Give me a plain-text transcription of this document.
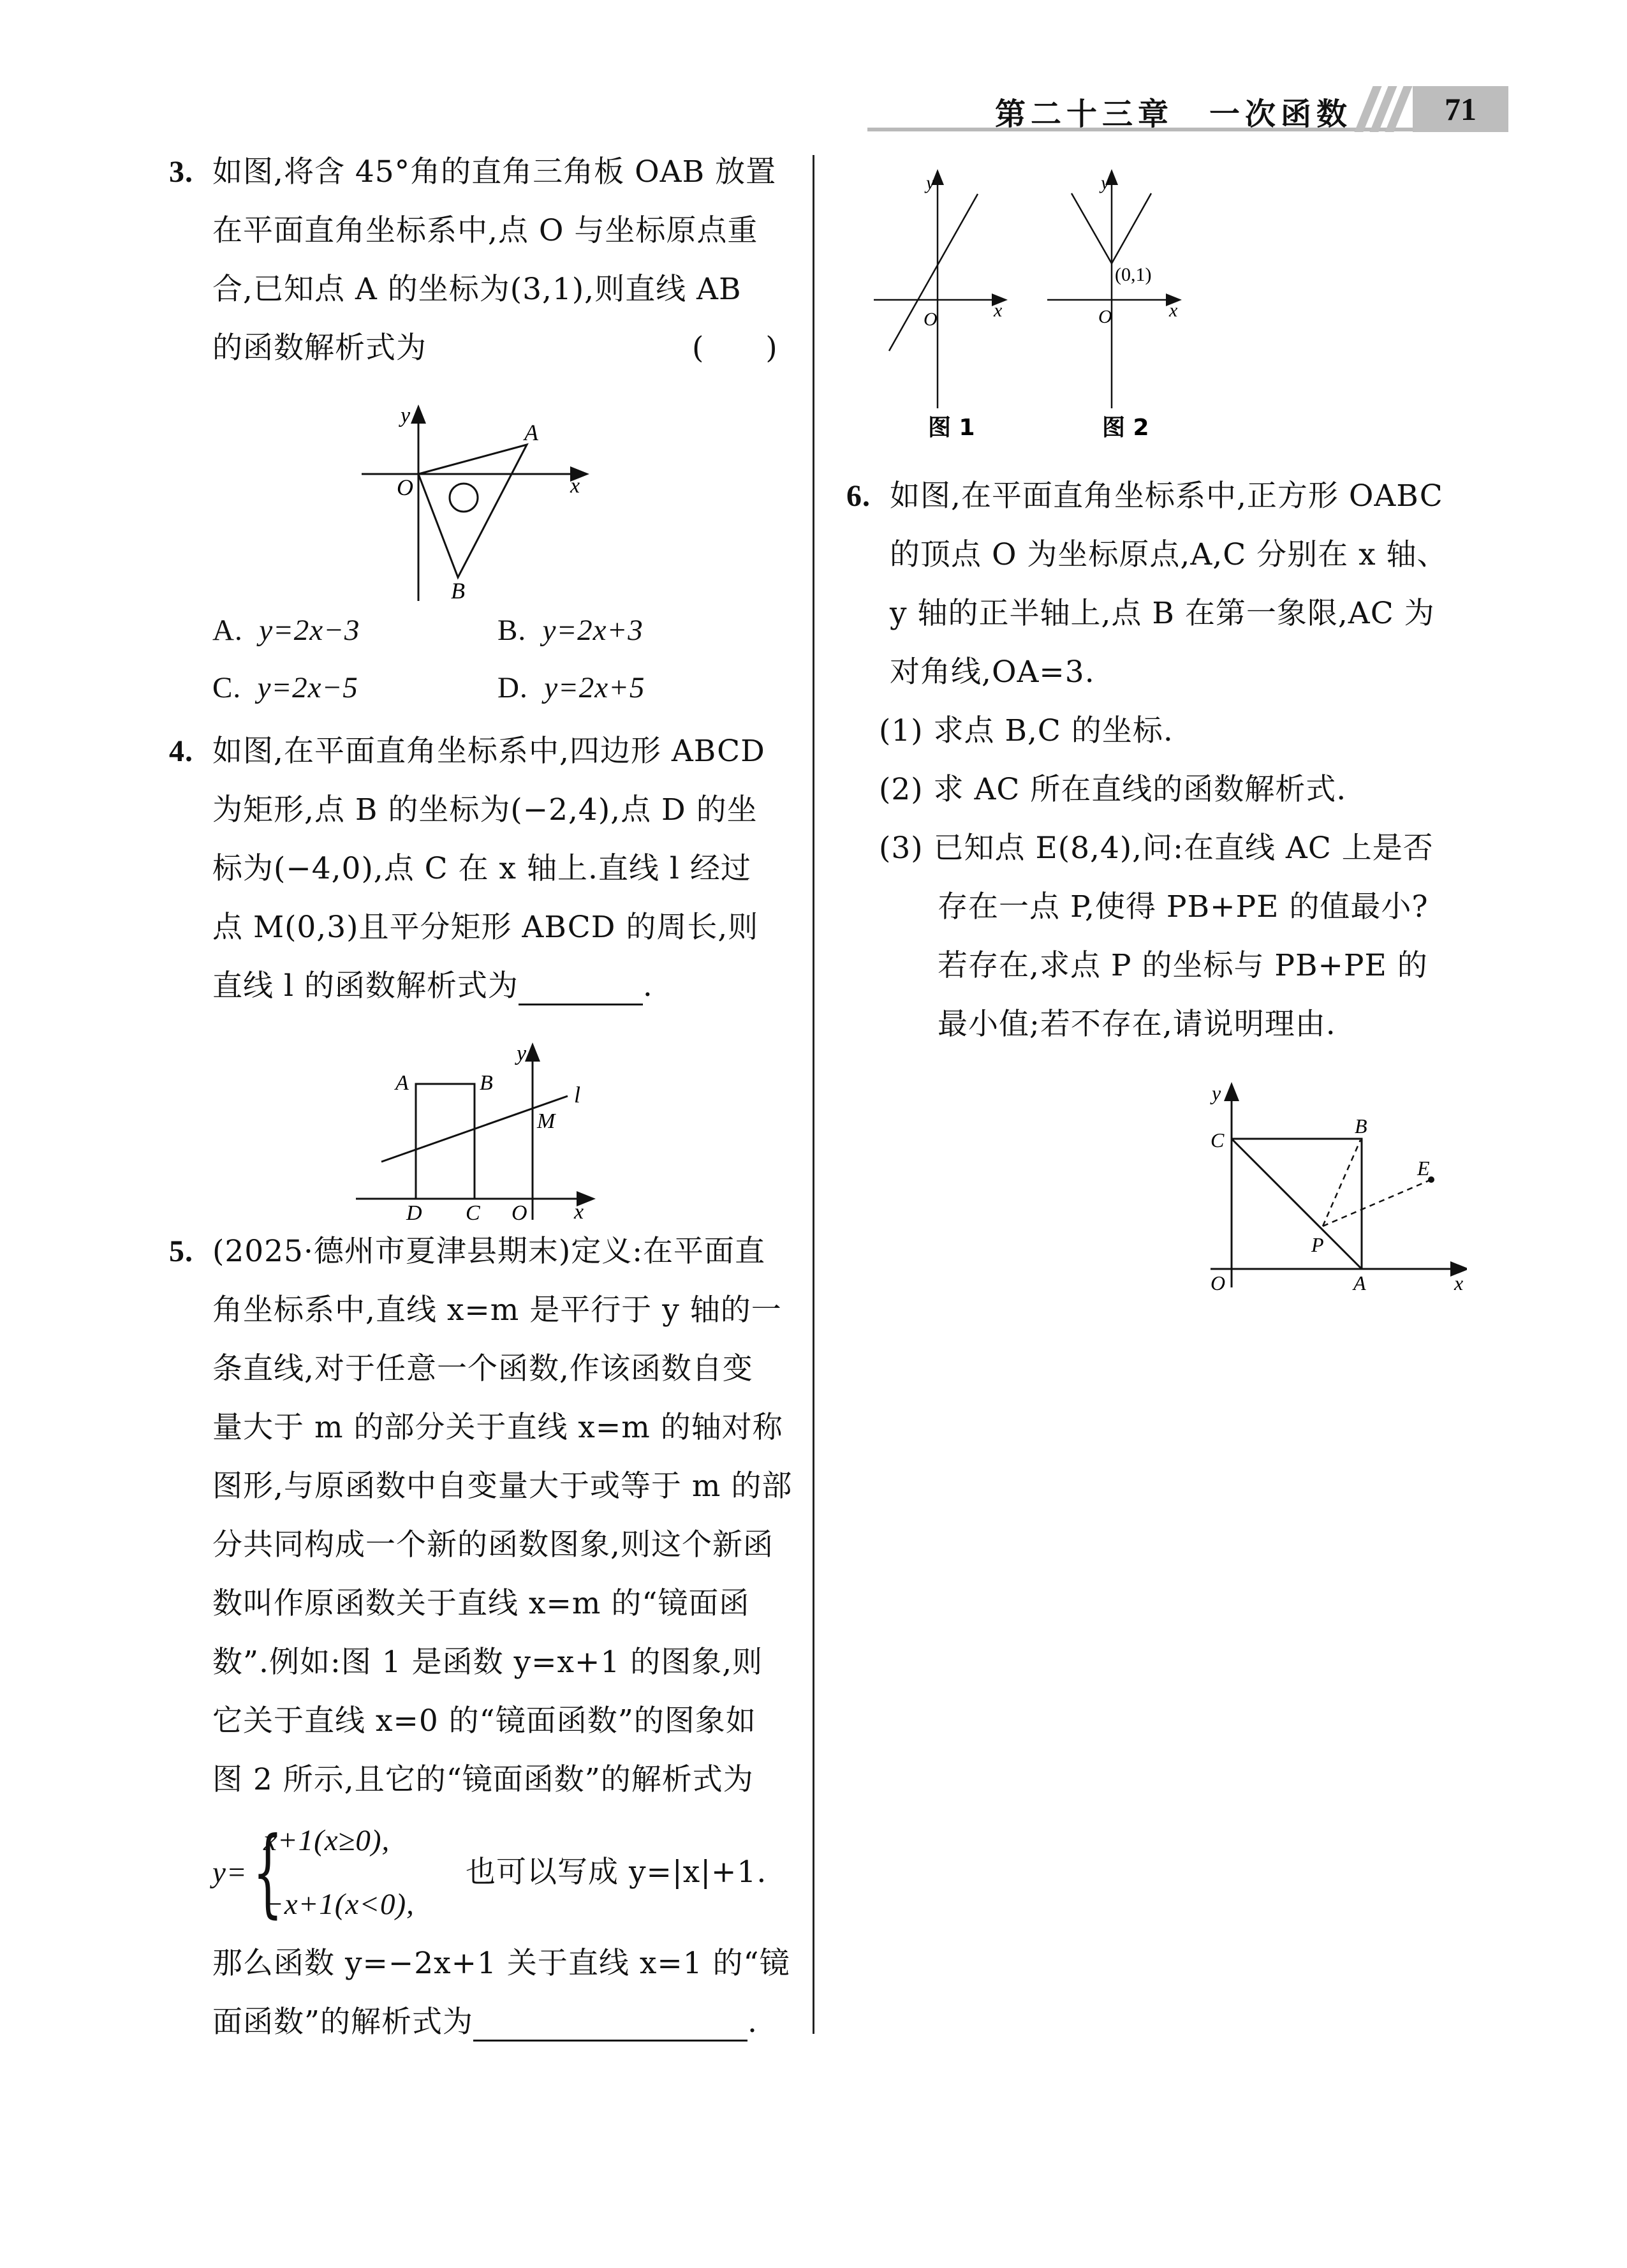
第二十三章　一次函数	71
3. 如图,将含 45°角的直角三角板 OAB 放置
在平面直角坐标系中,点 O 与坐标原点重
合,已知点 A 的坐标为(3,1),则直线 AB
的函数解析式为	(　　)
y
x
O
A
B
A. y=2x−3	B. y=2x+3
C. y=2x−5	D. y=2x+5
4. 如图,在平面直角坐标系中,四边形 ABCD
为矩形,点 B 的坐标为(−2,4),点 D 的坐
标为(−4,0),点 C 在 x 轴上.直线 l 经过
点 M(0,3)且平分矩形 ABCD 的周长,则
直线 l 的函数解析式为	.
y
x
O
A	B
C
D
M
l
5. (2025·德州市夏津县期末)定义:在平面直
角坐标系中,直线 x=m 是平行于 y 轴的一
条直线,对于任意一个函数,作该函数自变
量大于 m 的部分关于直线 x=m 的轴对称
图形,与原函数中自变量大于或等于 m 的部
分共同构成一个新的函数图象,则这个新函
数叫作原函数关于直线 x=m 的“镜面函
数”.例如:图 1 是函数 y=x+1 的图象,则
它关于直线 x=0 的“镜面函数”的图象如
图 2 所示,且它的“镜面函数”的解析式为
y= {
x+1(x≥0),
−x+1(x<0),
也可以写成 y=|x|+1.
那么函数 y=−2x+1 关于直线 x=1 的“镜
面函数”的解析式为	.
y
x
O
图 1
y
x
O
(0,1)
图 2
6. 如图,在平面直角坐标系中,正方形 OABC
的顶点 O 为坐标原点,A,C 分别在 x 轴、
y 轴的正半轴上,点 B 在第一象限,AC 为
对角线,OA=3.
(1) 求点 B,C 的坐标.
(2) 求 AC 所在直线的函数解析式.
(3) 已知点 E(8,4),问:在直线 AC 上是否
存在一点 P,使得 PB+PE 的值最小?
若存在,求点 P 的坐标与 PB+PE 的
最小值;若不存在,请说明理由.
y
x
O	A
B
C
E
P
